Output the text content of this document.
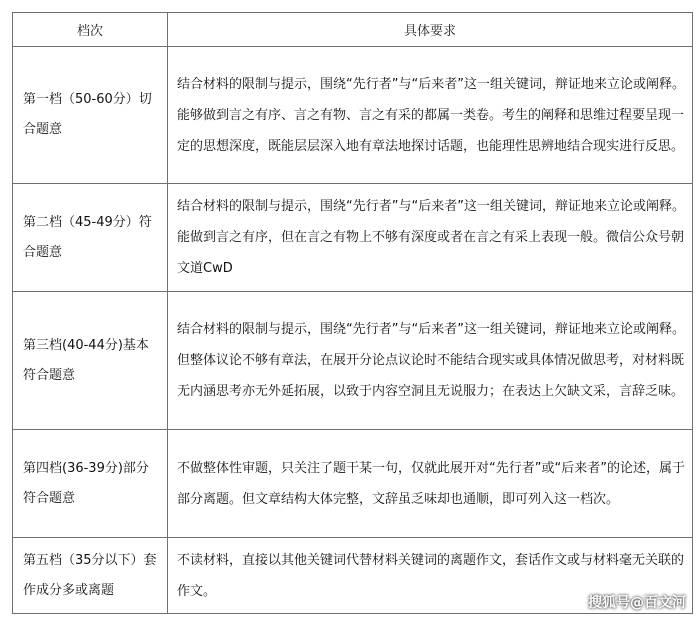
档次	具体要求
第一档（50-60分）切合题意	结合材料的限制与提示，围绕“先行者”与“后来者”这一组关键词，辩证地来立论或阐释。能够做到言之有序、言之有物、言之有采的都属一类卷。考生的阐释和思维过程要呈现一定的思想深度，既能层层深入地有章法地探讨话题，也能理性思辨地结合现实进行反思。
第二档（45-49分）符合题意	结合材料的限制与提示，围绕“先行者”与“后来者”这一组关键词，辩证地来立论或阐释。能做到言之有序，但在言之有物上不够有深度或者在言之有采上表现一般。微信公众号朝文道CwD
第三档(40-44分)基本符合题意	结合材料的限制与提示，围绕“先行者”与“后来者”这一组关键词，辩证地来立论或阐释。但整体议论不够有章法，在展开分论点议论时不能结合现实或具体情况做思考，对材料既无内涵思考亦无外延拓展，以致于内容空洞且无说服力；在表达上欠缺文采，言辞乏味。
第四档(36-39分)部分符合题意	不做整体性审题，只关注了题干某一句，仅就此展开对“先行者”或“后来者”的论述，属于部分离题。但文章结构大体完整，文辞虽乏味却也通顺，即可列入这一档次。
第五档（35分以下）套作成分多或离题	不读材料，直接以其他关键词代替材料关键词的离题作文，套话作文或与材料毫无关联的作文。
搜狐号@百文河
